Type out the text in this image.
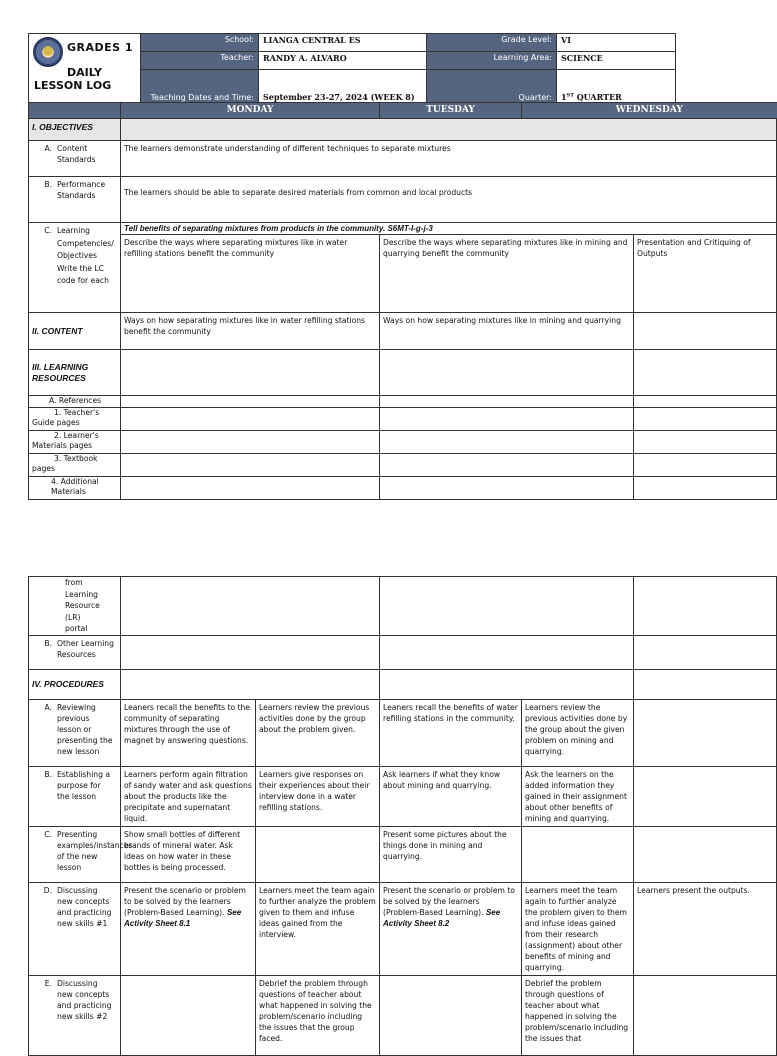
GRADES 1
DAILY
LESSON LOG	School:	LIANGA CENTRAL ES	Grade Level:	VI
	Teacher:	RANDY A. ALVARO	Learning Area:	SCIENCE
	Teaching Dates and Time:	September 23-27, 2024 (WEEK 8)	Quarter:	1ST QUARTER
	MONDAY	TUESDAY	WEDNESDAY	
I. OBJECTIVES				
A. Content Standards	The learners demonstrate understanding of different techniques to separate mixtures			
B. Performance Standards	The learners should be able to separate desired materials from common and local products			
C. Learning Competencies/ Objectives Write the LC code for each	Tell benefits of separating mixtures from products in the community. S6MT-I-g-j-3			
	Describe the ways where separating mixtures like in water refilling stations benefit the community	Describe the ways where separating mixtures like in mining and quarrying benefit the community		Presentation and Critiquing of Outputs
II. CONTENT	Ways on how separating mixtures like in water refilling stations benefit the community	Ways on how separating mixtures like in mining and quarrying		
III. LEARNING RESOURCES				
A. References				
1. Teacher's Guide pages				
2. Learner's Materials pages				
3. Textbook pages				
4. Additional Materials				
from Learning Resource (LR) portal					
B. Other Learning Resources					
IV. PROCEDURES					
A. Reviewing previous lesson or presenting the new lesson	Leaners recall the benefits to the community of separating mixtures through the use of magnet by answering questions.	Learners review the previous activities done by the group about the problem given.	Leaners recall the benefits of water refilling stations in the community.	Learners review the previous activities done by the group about the given problem on mining and quarrying.	
B. Establishing a purpose for the lesson	Learners perform again filtration of sandy water and ask questions about the products like the precipitate and supernatant liquid.	Learners give responses on their experiences about their interview done in a water refilling stations.	Ask learners if what they know about mining and quarrying.	Ask the learners on the added information they gained in their assignment about other benefits of mining and quarrying.	
C. Presenting examples/instances of the new lesson	Show small bottles of different brands of mineral water. Ask ideas on how water in these bottles is being processed.		Present some pictures about the things done in mining and quarrying.		
D. Discussing new concepts and practicing new skills #1	Present the scenario or problem to be solved by the learners (Problem-Based Learning). See Activity Sheet 8.1	Learners meet the team again to further analyze the problem given to them and infuse ideas gained from the interview.	Present the scenario or problem to be solved by the learners (Problem-Based Learning). See Activity Sheet 8.2	Learners meet the team again to further analyze the problem given to them and infuse ideas gained from their research (assignment) about other benefits of mining and quarrying.	Learners present the outputs.
E. Discussing new concepts and practicing new skills #2		Debrief the problem through questions of teacher about what happened in solving the problem/scenario including the issues that the group faced.		Debrief the problem through questions of teacher about what happened in solving the problem/scenario including the issues that	
